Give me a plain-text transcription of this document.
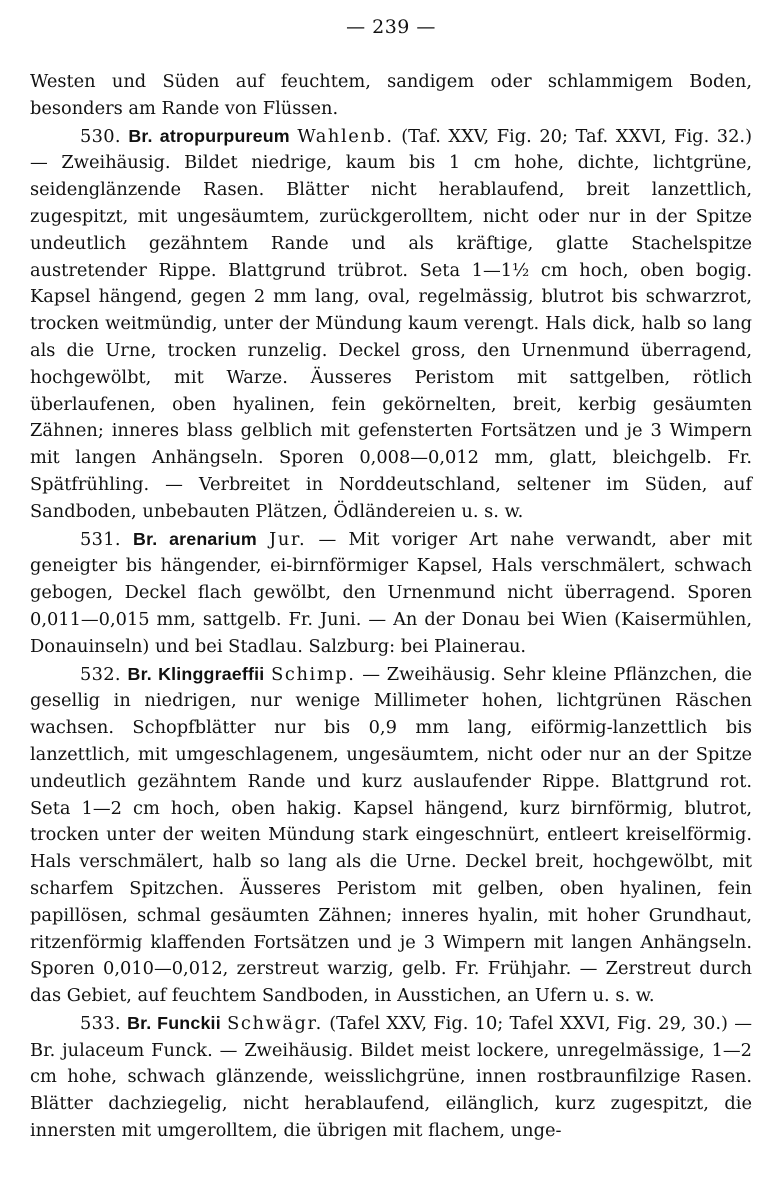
— 239 —

Westen und Süden auf feuchtem, sandigem oder schlammigem Boden, besonders am Rande von Flüssen.

530. Br. atropurpureum Wahlenb. (Taf. XXV, Fig. 20; Taf. XXVI, Fig. 32.) — Zweihäusig. Bildet niedrige, kaum bis 1 cm hohe, dichte, lichtgrüne, seidenglänzende Rasen. Blätter nicht herablaufend, breit lanzettlich, zugespitzt, mit ungesäumtem, zurückgerolltem, nicht oder nur in der Spitze undeutlich gezähntem Rande und als kräftige, glatte Stachelspitze austretender Rippe. Blattgrund trübrot. Seta 1—1½ cm hoch, oben bogig. Kapsel hängend, gegen 2 mm lang, oval, regelmässig, blutrot bis schwarzrot, trocken weitmündig, unter der Mündung kaum verengt. Hals dick, halb so lang als die Urne, trocken runzelig. Deckel gross, den Urnenmund überragend, hochgewölbt, mit Warze. Äusseres Peristom mit sattgelben, rötlich überlaufenen, oben hyalinen, fein gekörnelten, breit, kerbig gesäumten Zähnen; inneres blass gelblich mit gefensterten Fortsätzen und je 3 Wimpern mit langen Anhängseln. Sporen 0,008—0,012 mm, glatt, bleichgelb. Fr. Spätfrühling. — Verbreitet in Norddeutschland, seltener im Süden, auf Sandboden, unbebauten Plätzen, Ödländereien u. s. w.

531. Br. arenarium Jur. — Mit voriger Art nahe verwandt, aber mit geneigter bis hängender, ei-birnförmiger Kapsel, Hals verschmälert, schwach gebogen, Deckel flach gewölbt, den Urnenmund nicht überragend. Sporen 0,011—0,015 mm, sattgelb. Fr. Juni. — An der Donau bei Wien (Kaisermühlen, Donauinseln) und bei Stadlau. Salzburg: bei Plainerau.

532. Br. Klinggraeffii Schimp. — Zweihäusig. Sehr kleine Pflänzchen, die gesellig in niedrigen, nur wenige Millimeter hohen, lichtgrünen Räschen wachsen. Schopfblätter nur bis 0,9 mm lang, eiförmig-lanzettlich bis lanzettlich, mit umgeschlagenem, ungesäumtem, nicht oder nur an der Spitze undeutlich gezähntem Rande und kurz auslaufender Rippe. Blattgrund rot. Seta 1—2 cm hoch, oben hakig. Kapsel hängend, kurz birnförmig, blutrot, trocken unter der weiten Mündung stark eingeschnürt, entleert kreiselförmig. Hals verschmälert, halb so lang als die Urne. Deckel breit, hochgewölbt, mit scharfem Spitzchen. Äusseres Peristom mit gelben, oben hyalinen, fein papillösen, schmal gesäumten Zähnen; inneres hyalin, mit hoher Grundhaut, ritzenförmig klaffenden Fortsätzen und je 3 Wimpern mit langen Anhängseln. Sporen 0,010—0,012, zerstreut warzig, gelb. Fr. Frühjahr. — Zerstreut durch das Gebiet, auf feuchtem Sandboden, in Ausstichen, an Ufern u. s. w.

533. Br. Funckii Schwägr. (Tafel XXV, Fig. 10; Tafel XXVI, Fig. 29, 30.) — Br. julaceum Funck. — Zweihäusig. Bildet meist lockere, unregelmässige, 1—2 cm hohe, schwach glänzende, weisslichgrüne, innen rostbraunfilzige Rasen. Blätter dachziegelig, nicht herablaufend, eilänglich, kurz zugespitzt, die innersten mit umgerolltem, die übrigen mit flachem, unge-
